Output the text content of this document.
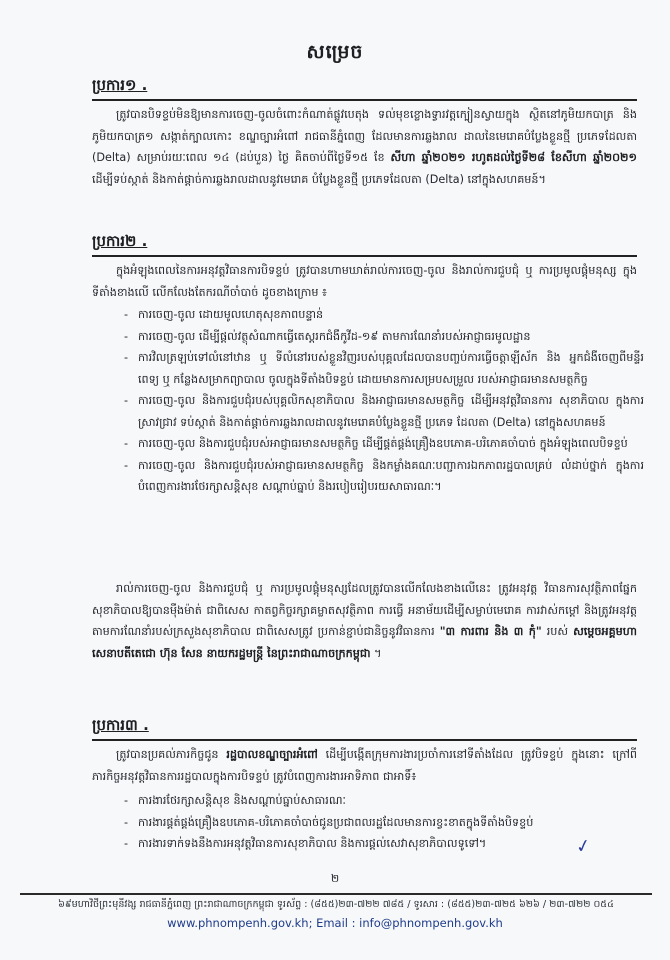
សម្រេច
ប្រការ១ .
ត្រូវបានបិទខ្ទប់មិនឱ្យមានការចេញ-ចូលចំពោះកំណាត់ផ្លូវបេតុង ទល់មុខខ្លោងទ្វារវត្តក្បៀនស្វាយក្នុង ស្ថិតនៅភូមិយកបាត្រ និងភូមិយកបាត្រ១ សង្កាត់ក្បាលកោះ ខណ្ឌច្បារអំពៅ រាជធានីភ្នំពេញ ដែលមានការឆ្លងរាល ដាលនៃមេរោគបំប្លែងខ្លួនថ្មី ប្រភេទដែលតា (Delta) សម្រាប់រយៈពេល ១៤ (ដប់បួន) ថ្ងៃ គិតចាប់ពីថ្ងៃទី១៥ ខែ សីហា ឆ្នាំ២០២១ រហូតដល់ថ្ងៃទី២៨ ខែសីហា ឆ្នាំ២០២១ ដើម្បីទប់ស្កាត់ និងកាត់ផ្តាច់ការឆ្លងរាលដាលនូវមេរោគ បំប្លែងខ្លួនថ្មី ប្រភេទដែលតា (Delta) នៅក្នុងសហគមន៍។
ប្រការ២ .
ក្នុងអំឡុងពេលនៃការអនុវត្តវិធានការបិទខ្ទប់ ត្រូវបានហាមឃាត់រាល់ការចេញ-ចូល និងរាល់ការជួបជុំ ឬ ការប្រមូលផ្តុំមនុស្ស ក្នុងទីតាំងខាងលើ លើកលែងតែករណីចាំបាច់ ដូចខាងក្រោម ៖
- ការចេញ-ចូល ដោយមូលហេតុសុខភាពបន្ទាន់
- ការចេញ-ចូល ដើម្បីផ្តល់វត្ថុសំណាកធ្វើតេស្តរកជំងឺកូវីដ-១៩ តាមការណែនាំរបស់អាជ្ញាធរមូលដ្ឋាន
- ការវិលត្រឡប់ទៅលំនៅឋាន ឬ ទីលំនៅរបស់ខ្លួនវិញរបស់បុគ្គលដែលបានបញ្ចប់ការធ្វើចត្តាឡីស័ក និង អ្នកជំងឺចេញពីមន្ទីរពេទ្យ ឬ កន្លែងសម្រាកព្យាបាល ចូលក្នុងទីតាំងបិទខ្ទប់ ដោយមានការសម្របសម្រួល របស់អាជ្ញាធរមានសមត្ថកិច្ច
- ការចេញ-ចូល និងការជួបជុំរបស់បុគ្គលិកសុខាភិបាល និងអាជ្ញាធរមានសមត្ថកិច្ច ដើម្បីអនុវត្តវិធានការ សុខាភិបាល ក្នុងការស្រាវជ្រាវ ទប់ស្កាត់ និងកាត់ផ្តាច់ការឆ្លងរាលដាលនូវមេរោគបំប្លែងខ្លួនថ្មី ប្រភេទ ដែលតា (Delta) នៅក្នុងសហគមន៍
- ការចេញ-ចូល និងការជួបជុំរបស់អាជ្ញាធរមានសមត្ថកិច្ច ដើម្បីផ្គត់ផ្គង់គ្រឿងឧបភោគ-បរិភោគចាំបាច់ ក្នុងអំឡុងពេលបិទខ្ទប់
- ការចេញ-ចូល និងការជួបជុំរបស់អាជ្ញាធរមានសមត្ថកិច្ច និងកម្លាំងគណៈបញ្ជាការឯកភាពរដ្ឋបាលគ្រប់ លំដាប់ថ្នាក់ ក្នុងការបំពេញការងារថែរក្សាសន្តិសុខ សណ្តាប់ធ្នាប់ និងរបៀបរៀបរយសាធារណៈ។
រាល់ការចេញ-ចូល និងការជួបជុំ ឬ ការប្រមូលផ្តុំមនុស្សដែលត្រូវបានលើកលែងខាងលើនេះ ត្រូវអនុវត្ត វិធានការសុវត្ថិភាពផ្នែកសុខាភិបាលឱ្យបានម៉ឺងម៉ាត់ ជាពិសេស កាតព្វកិច្ចរក្សាគម្លាតសុវត្ថិភាព ការធ្វើ អនាម័យដើម្បីសម្លាប់មេរោគ ការវាស់កម្តៅ និងត្រូវអនុវត្តតាមការណែនាំរបស់ក្រសួងសុខាភិបាល ជាពិសេសត្រូវ ប្រកាន់ខ្ជាប់ជានិច្ចនូវវិធានការ "៣ ការពារ និង ៣ កុំ" របស់ សម្តេចអគ្គមហាសេនាបតីតេជោ ហ៊ុន សែន នាយករដ្ឋមន្ត្រី នៃព្រះរាជាណាចក្រកម្ពុជា ។
ប្រការ៣ .
ត្រូវបានប្រគល់ភារកិច្ចជូន រដ្ឋបាលខណ្ឌច្បារអំពៅ ដើម្បីបង្កើតក្រុមការងារប្រចាំការនៅទីតាំងដែល ត្រូវបិទខ្ទប់ ក្នុងនោះ ក្រៅពីភារកិច្ចអនុវត្តវិធានការរដ្ឋបាលក្នុងការបិទខ្ទប់ ត្រូវបំពេញការងារអាទិភាព ជាអាទិ៍៖
- ការងារថែរក្សាសន្តិសុខ និងសណ្តាប់ធ្នាប់សាធារណៈ
- ការងារផ្គត់ផ្គង់គ្រឿងឧបភោគ-បរិភោគចាំបាច់ជូនប្រជាពលរដ្ឋដែលមានការខ្វះខាតក្នុងទីតាំងបិទខ្ទប់
- ការងារទាក់ទងនឹងការអនុវត្តវិធានការសុខាភិបាល និងការផ្តល់សេវាសុខាភិបាលទូទៅ។	✓
២
៦៩មហាវិថីព្រះមុនីវង្ស រាជធានីភ្នំពេញ ព្រះរាជាណាចក្រកម្ពុជា ទូរស័ព្ទ : (៨៥៥)២៣-៧២២ ៧៨៥ / ទូរសារ : (៨៥៥)២៣-៧២៥ ៦២៦ / ២៣-៧២២ ០៥៤
www.phnompenh.gov.kh; Email : info@phnompenh.gov.kh
